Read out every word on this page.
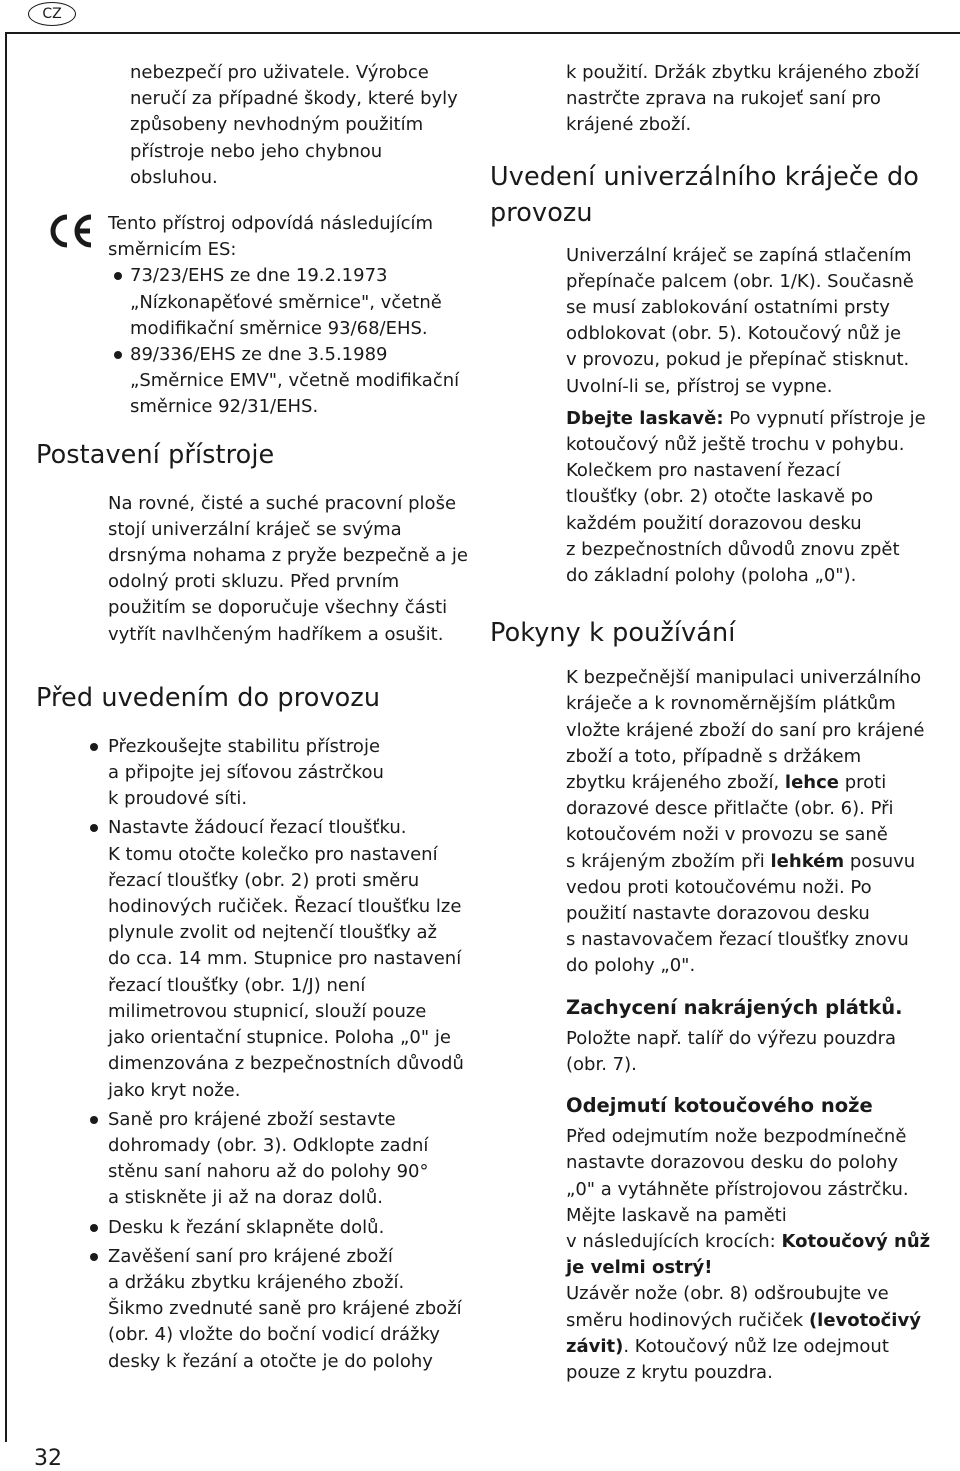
CZ
32

nebezpečí pro uživatele. Výrobce

neručí za případné škody, které byly

způsobeny nevhodným použitím

přístroje nebo jeho chybnou

obsluhou.

Tento přístroj odpovídá následujícím

směrnicím ES:

73/23/EHS ze dne 19.2.1973
„Nízkonapěťové směrnice", včetně
modifikační směrnice 93/68/EHS.
89/336/EHS ze dne 3.5.1989
„Směrnice EMV", včetně modifikační
směrnice 92/31/EHS.
Postavení přístroje

Na rovné, čisté a suché pracovní ploše

stojí univerzální kráječ se svýma

drsnýma nohama z pryže bezpečně a je

odolný proti skluzu. Před prvním

použitím se doporučuje všechny části

vytřít navlhčeným hadříkem a osušit.

Před uvedením do provozu
Přezkoušejte stabilitu přístroje
a připojte jej síťovou zástrčkou
k proudové síti.
Nastavte žádoucí řezací tloušťku.
K tomu otočte kolečko pro nastavení
řezací tloušťky (obr. 2) proti směru
hodinových ručiček. Řezací tloušťku lze
plynule zvolit od nejtenčí tloušťky až
do cca. 14 mm. Stupnice pro nastavení
řezací tloušťky (obr. 1/J) není
milimetrovou stupnicí, slouží pouze
jako orientační stupnice. Poloha „0" je
dimenzována z bezpečnostních důvodů
jako kryt nože.
Saně pro krájené zboží sestavte
dohromady (obr. 3). Odklopte zadní
stěnu saní nahoru až do polohy 90°
a stiskněte ji až na doraz dolů.
Desku k řezání sklapněte dolů.
Zavěšení saní pro krájené zboží
a držáku zbytku krájeného zboží.
Šikmo zvednuté saně pro krájené zboží
(obr. 4) vložte do boční vodicí drážky
desky k řezání a otočte je do polohy

k použití. Držák zbytku krájeného zboží

nastrčte zprava na rukojeť saní pro

krájené zboží.

Uvedení univerzálního kráječe do
provozu

Univerzální kráječ se zapíná stlačením

přepínače palcem (obr. 1/K). Současně

se musí zablokování ostatními prsty

odblokovat (obr. 5). Kotoučový nůž je

v provozu, pokud je přepínač stisknut.

Uvolní-li se, přístroj se vypne.

Dbejte laskavě: Po vypnutí přístroje je

kotoučový nůž ještě trochu v pohybu.

Kolečkem pro nastavení řezací

tloušťky (obr. 2) otočte laskavě po

každém použití dorazovou desku

z bezpečnostních důvodů znovu zpět

do základní polohy (poloha „0").

Pokyny k používání

K bezpečnější manipulaci univerzálního

kráječe a k rovnoměrnějším plátkům

vložte krájené zboží do saní pro krájené

zboží a toto, případně s držákem

zbytku krájeného zboží, lehce proti

dorazové desce přitlačte (obr. 6). Při

kotoučovém noži v provozu se saně

s krájeným zbožím při lehkém posuvu

vedou proti kotoučovému noži. Po

použití nastavte dorazovou desku

s nastavovačem řezací tloušťky znovu

do polohy „0".

Zachycení nakrájených plátků.

Položte např. talíř do výřezu pouzdra

(obr. 7).

Odejmutí kotoučového nože

Před odejmutím nože bezpodmínečně

nastavte dorazovou desku do polohy

„0" a vytáhněte přístrojovou zástrčku.

Mějte laskavě na paměti

v následujících krocích: Kotoučový nůž

je velmi ostrý!

Uzávěr nože (obr. 8) odšroubujte ve

směru hodinových ručiček (levotočivý

závit). Kotoučový nůž lze odejmout

pouze z krytu pouzdra.
